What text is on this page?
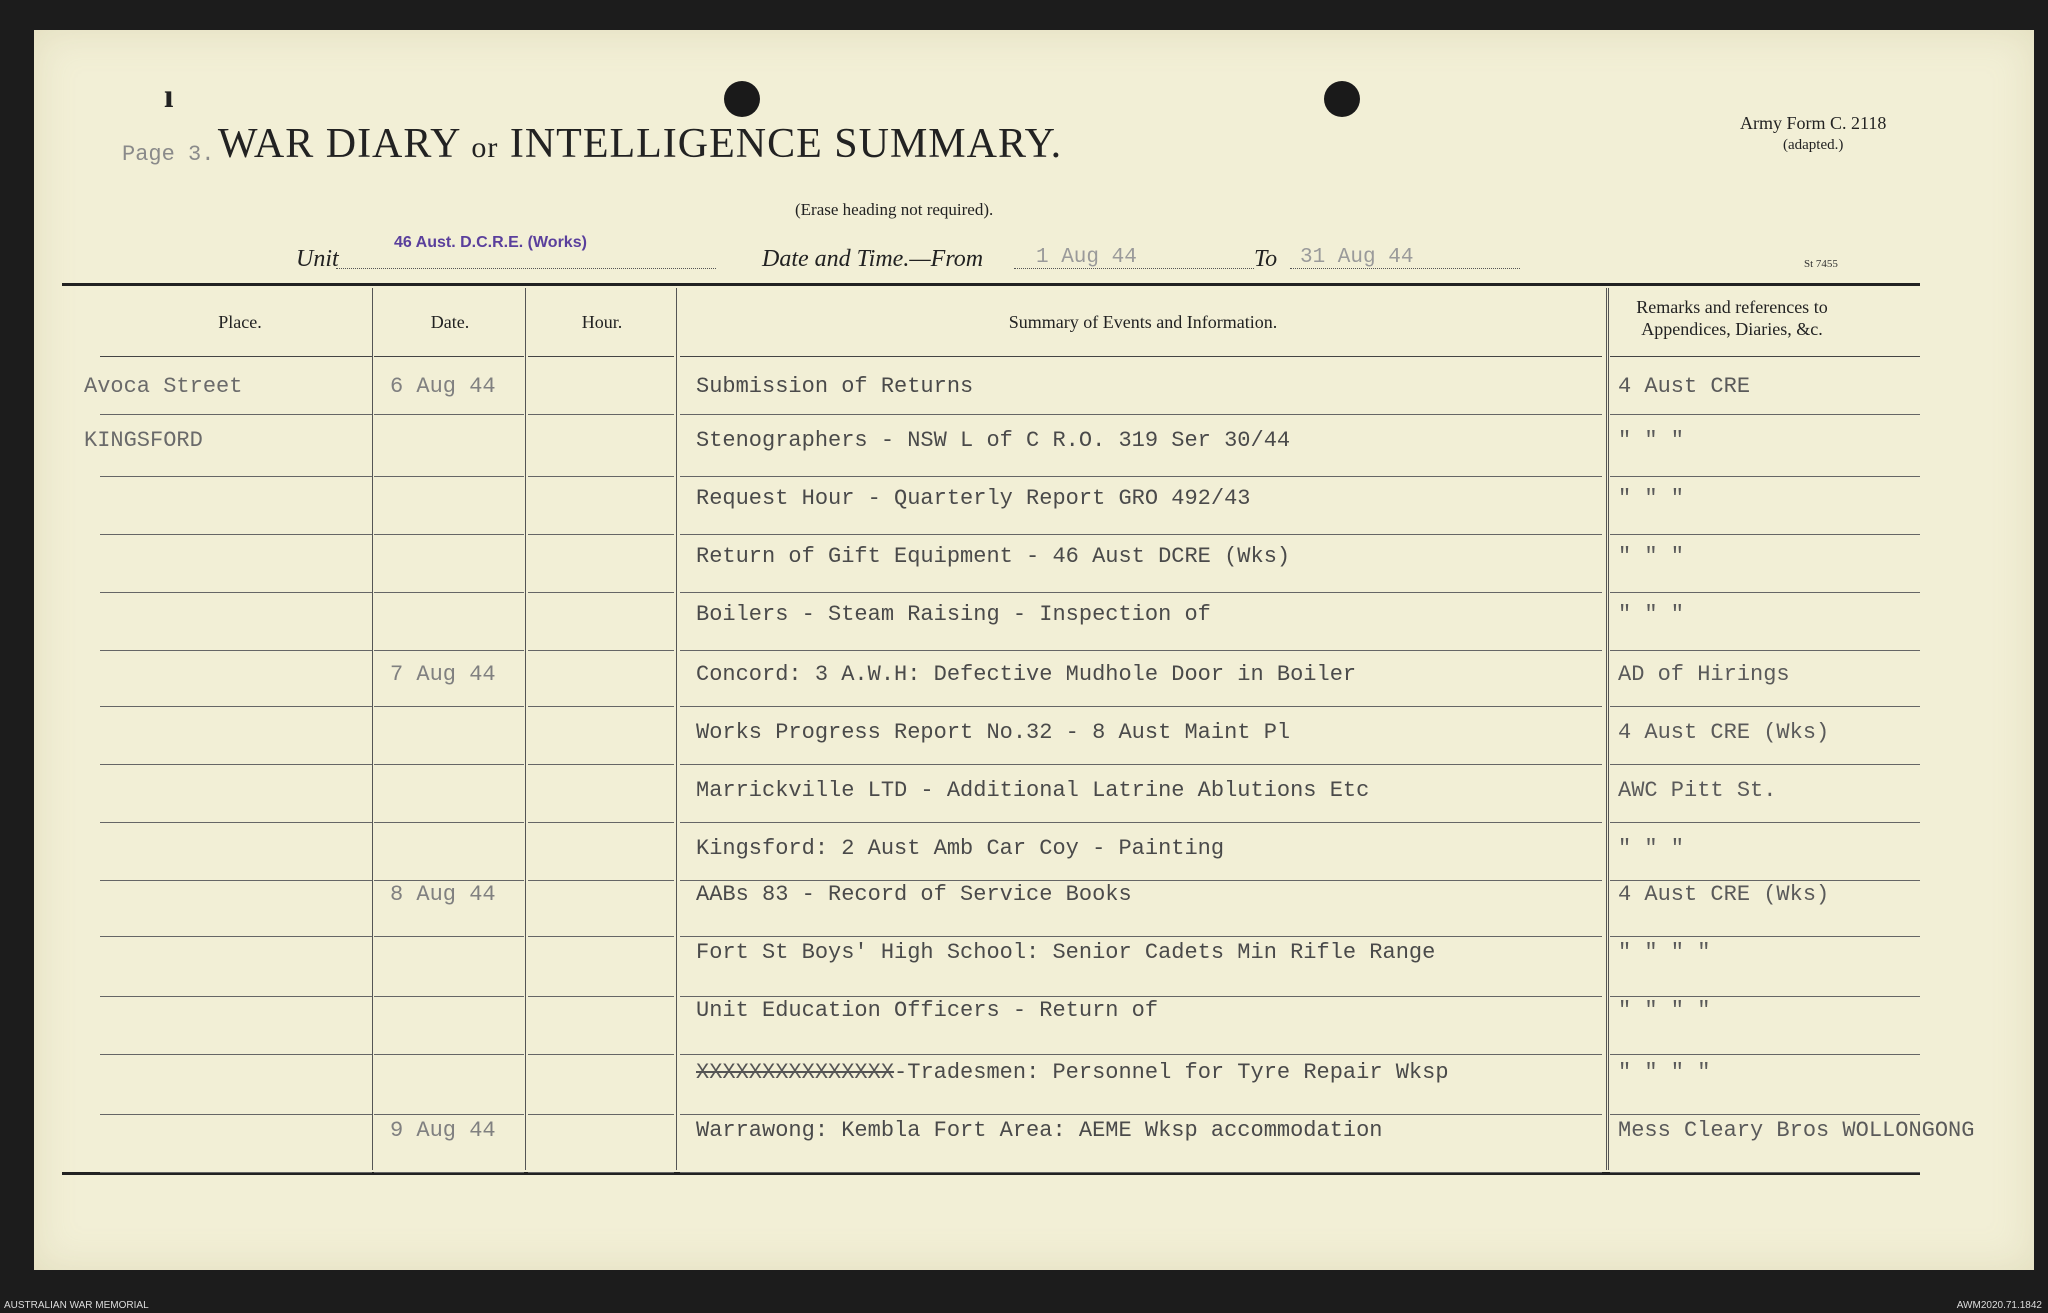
ı
Page 3. WAR DIARY or INTELLIGENCE SUMMARY.
(Erase heading not required).
Army Form C. 2118
(adapted.)
St 7455
Unit
46 Aust. D.C.R.E. (Works)
Date and Time.—From	1 Aug 44	To 31 Aug 44
Place.	Date.	Hour.	Summary of Events and Information.
Remarks and references to
Appendices, Diaries, &c.
Avoca Street	6 Aug 44	Submission of Returns	4 Aust CRE
KINGSFORD	Stenographers - NSW L of C R.O. 319 Ser 30/44	" " "
Request Hour - Quarterly Report GRO 492/43	" " "
Return of Gift Equipment - 46 Aust DCRE (Wks)	" " "
Boilers - Steam Raising - Inspection of	" " "
7 Aug 44	Concord: 3 A.W.H: Defective Mudhole Door in Boiler	AD of Hirings
Works Progress Report No.32 - 8 Aust Maint Pl	4 Aust CRE (Wks)
Marrickville LTD - Additional Latrine Ablutions Etc	AWC Pitt St.
Kingsford: 2 Aust Amb Car Coy - Painting	" " "
8 Aug 44	AABs 83 - Record of Service Books	4 Aust CRE (Wks)
Fort St Boys' High School: Senior Cadets Min Rifle Range	" " " "
Unit Education Officers - Return of	" " " "
XXXXXXXXXXXXXXX-Tradesmen: Personnel for Tyre Repair Wksp	" " " "
9 Aug 44	Warrawong: Kembla Fort Area: AEME Wksp accommodation	Mess Cleary Bros WOLLONGONG
AUSTRALIAN WAR MEMORIAL	AWM2020.71.1842
